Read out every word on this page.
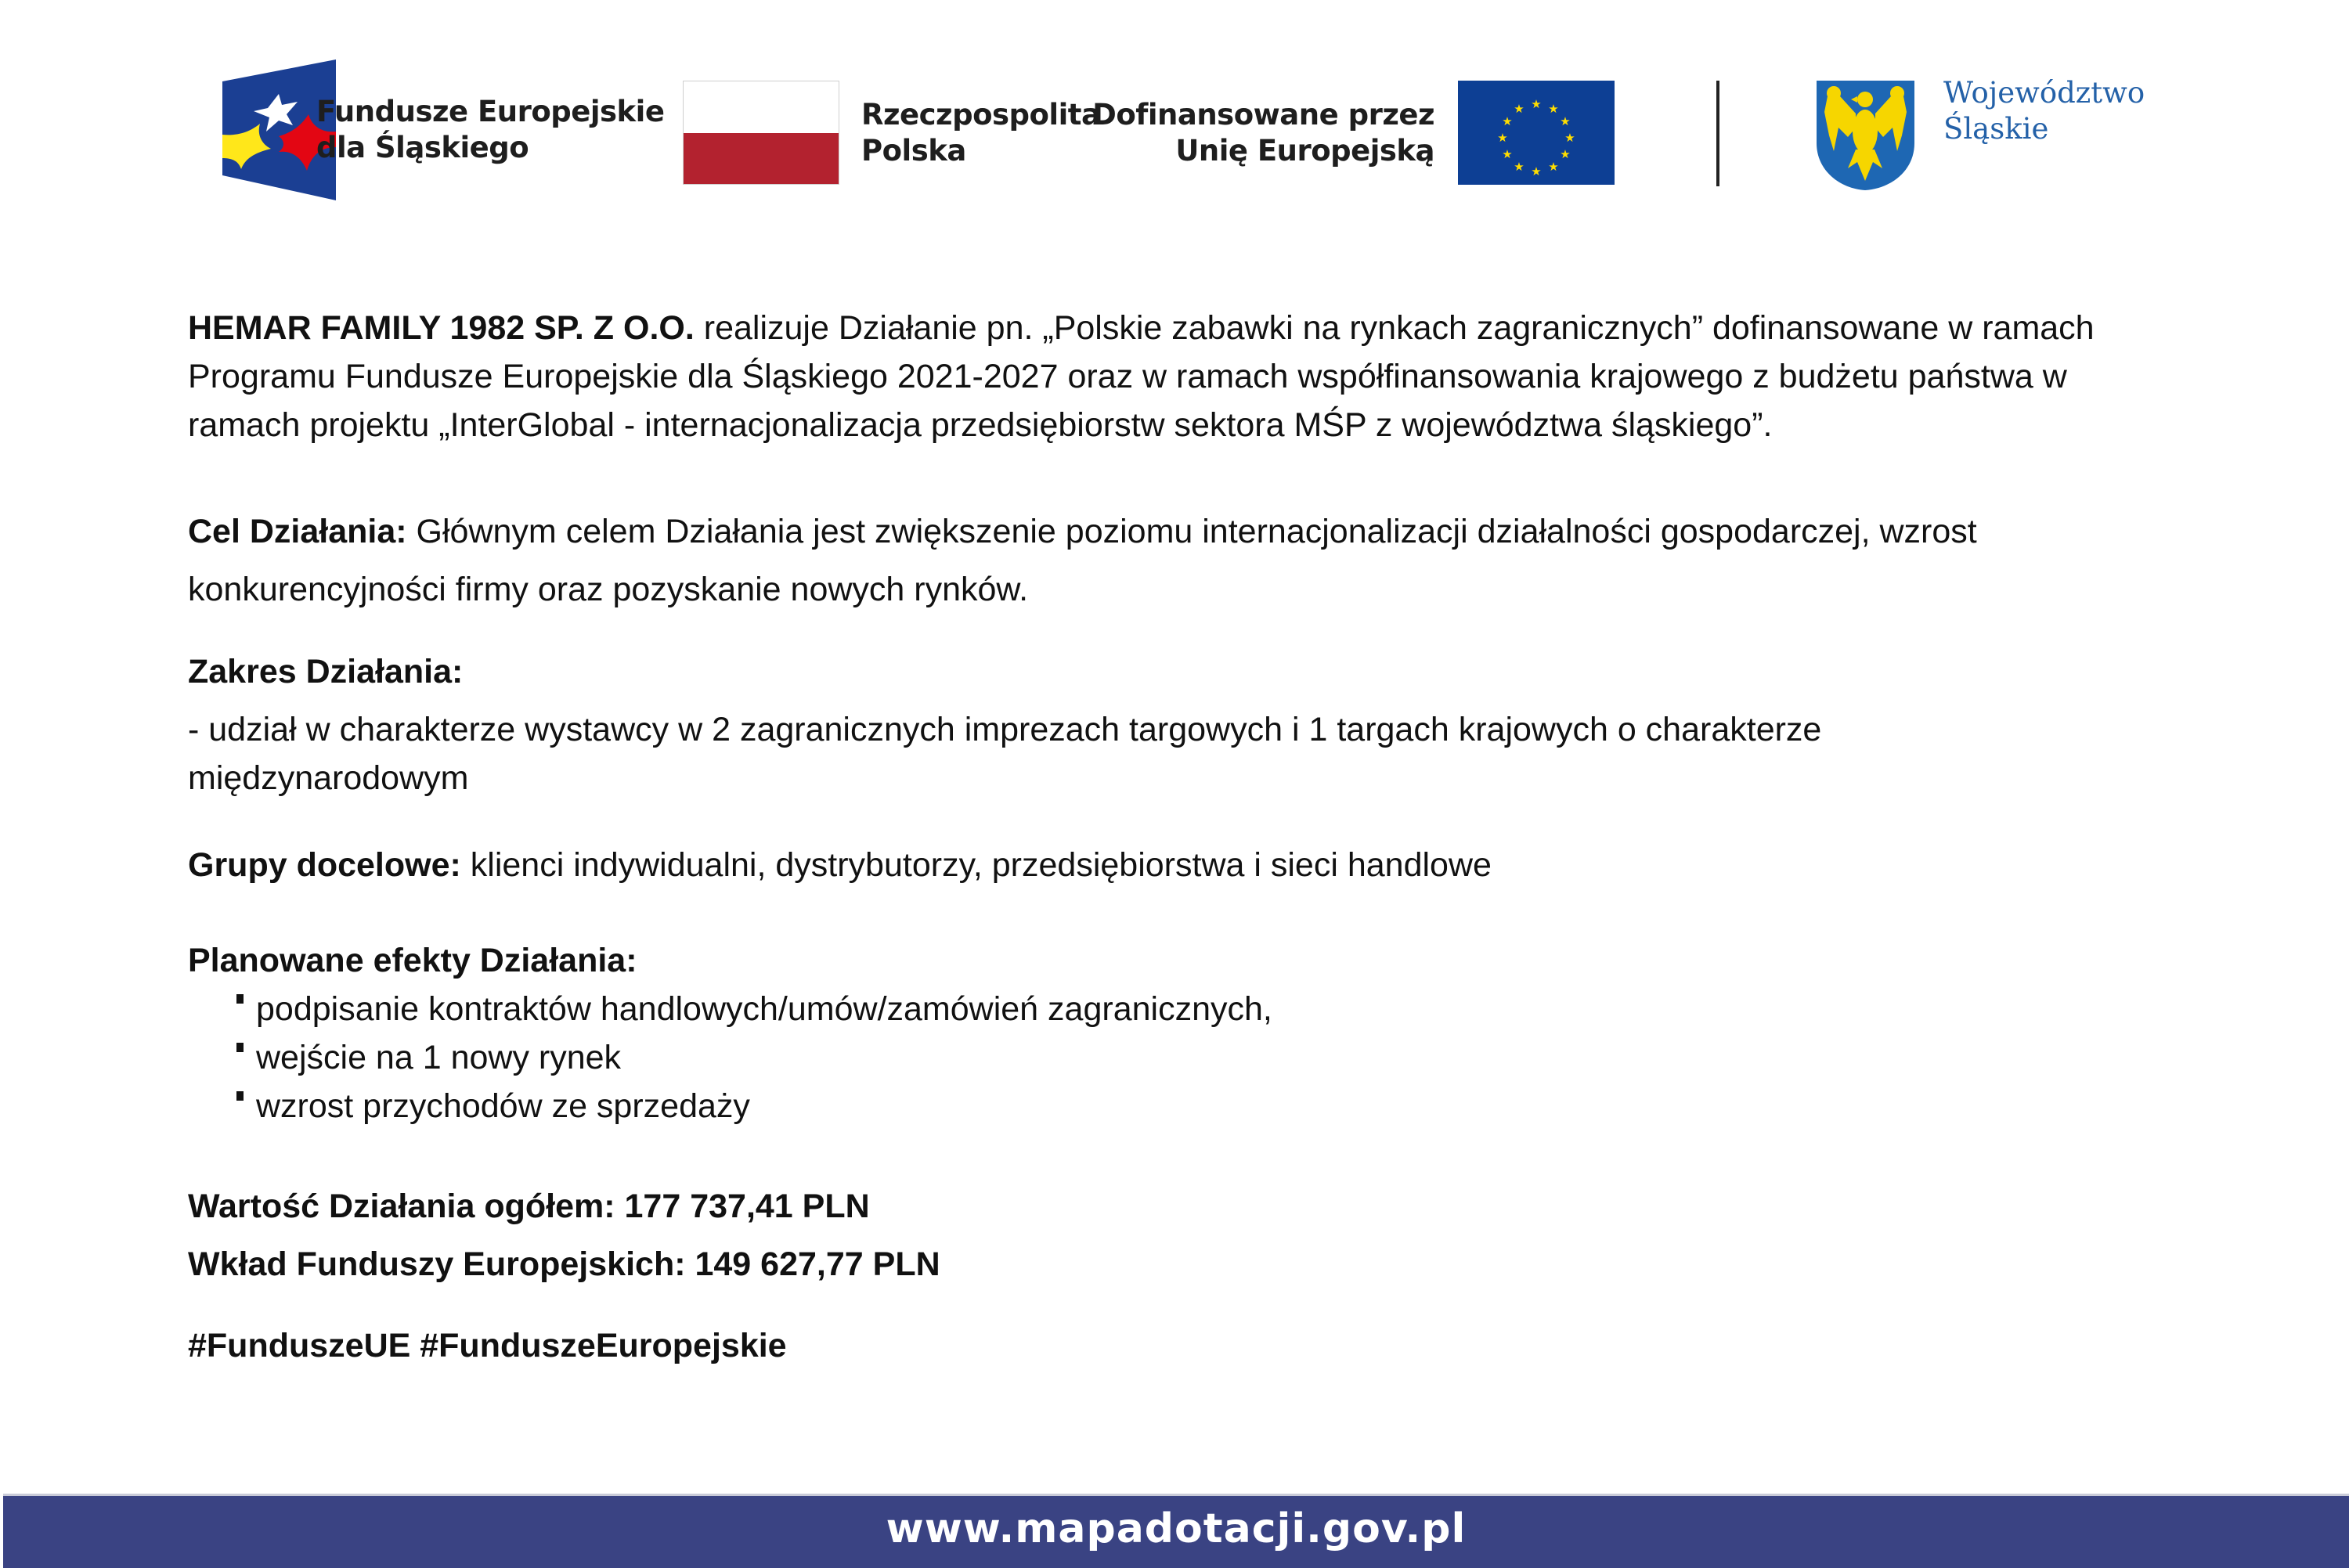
Fundusze Europejskie
dla Śląskiego
Rzeczpospolita
Polska
Dofinansowane przez
Unię Europejską
★ ★
★
★
★
★
★
★
★
★
★
★	Województwo
Śląskie

HEMAR FAMILY 1982 SP. Z O.O. realizuje Działanie pn. „Polskie zabawki na rynkach zagranicznych” dofinansowane w ramach Programu Fundusze Europejskie dla Śląskiego 2021-2027 oraz w ramach współfinansowania krajowego z budżetu państwa w ramach projektu „InterGlobal - internacjonalizacja przedsiębiorstw sektora MŚP z województwa śląskiego”.

Cel Działania: Głównym celem Działania jest zwiększenie poziomu internacjonalizacji działalności gospodarczej, wzrost konkurencyjności firmy oraz pozyskanie nowych rynków.
Zakres Działania:
- udział w charakterze wystawcy w 2 zagranicznych imprezach targowych i 1 targach krajowych o charakterze międzynarodowym
Grupy docelowe: klienci indywidualni, dystrybutorzy, przedsiębiorstwa i sieci handlowe
Planowane efekty Działania:
podpisanie kontraktów handlowych/umów/zamówień zagranicznych,
wejście na 1 nowy rynek
wzrost przychodów ze sprzedaży
Wartość Działania ogółem: 177 737,41 PLN
Wkład Funduszy Europejskich: 149 627,77 PLN
#FunduszeUE #FunduszeEuropejskie
www.mapadotacji.gov.pl
